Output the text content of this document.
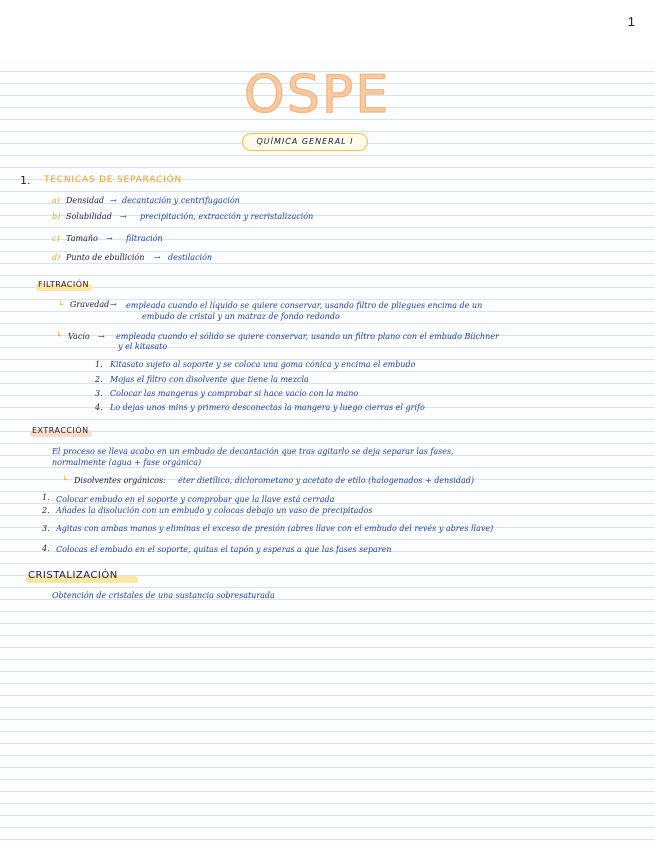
1
OSPE
QUÍMICA GENERAL I
1. TECNICAS DE SEPARACIÓN
a) Densidad → decantación y centrifugación
b) Solubilidad → precipitación, extracción y recristalización
c) Tamaño → filtración
d) Punto de ebullición → destilación
FILTRACIÓN
↳ Gravedad → empleada cuando el líquido se quiere conservar, usando filtro de pliegues encima de un
embudo de cristal y un matraz de fondo redondo
↳ Vacío → empleada cuando el sólido se quiere conservar, usando un filtro plano con el embudo Büchner
y el kitasato
1. Kitasato sujeto al soporte y se coloca una goma cónica y encima el embudo
2. Mojas el filtro con disolvente que tiene la mezcla
3. Colocar las mangeras y comprobar si hace vacío con la mano
4. Lo dejas unos mins y primero desconectas la mangera y luego cierras el grifo
EXTRACCIÓN
El proceso se lleva acabo en un embudo de decantación que tras agitarlo se deja separar las fases,
normalmente (agua + fase orgánica)
↳ Disolventes orgánicos: éter dietílico, diclorometano y acetato de etilo (halogenados + densidad)
1. Colocar embudo en el soporte y comprobar que la llave está cerrada
2. Añades la disolución con un embudo y colocas debajo un vaso de precipitados
3. Agitas con ambas manos y eliminas el exceso de presión (abres llave con el embudo del revés y abres llave)
4. Colocas el embudo en el soporte, quitas el tapón y esperas a que las fases separen
CRISTALIZACIÓN
Obtención de cristales de una sustancia sobresaturada
